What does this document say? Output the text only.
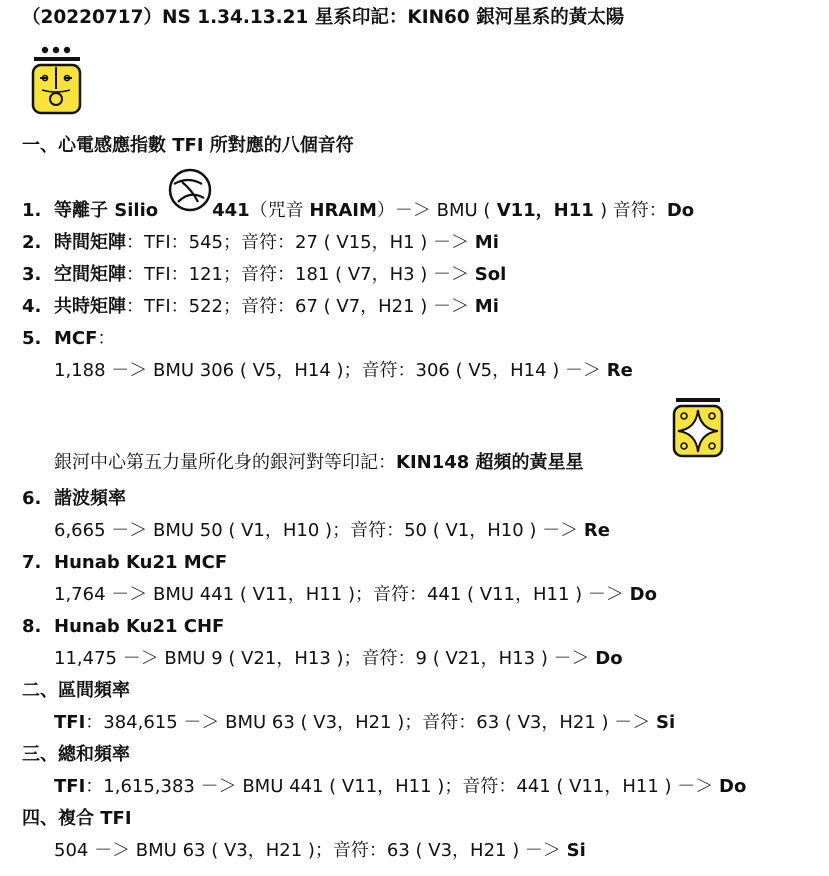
（20220717）NS 1.34.13.21 星系印記：KIN60 銀河星系的黃太陽
一、心電感應指數 TFI 所對應的八個音符
1. 等離子 Silio	441（咒音 HRAIM）－＞ BMU ( V11，H11 ) 音符：Do
2. 時間矩陣：TFI：545；音符：27 ( V15，H1 ) －＞ Mi
3. 空間矩陣：TFI：121；音符：181 ( V7，H3 ) －＞ Sol
4. 共時矩陣：TFI：522；音符：67 ( V7，H21 ) －＞ Mi
5. MCF：
1,188 －＞ BMU 306 ( V5，H14 )；音符：306 ( V5，H14 ) －＞ Re
銀河中心第五力量所化身的銀河對等印記：KIN148 超頻的黃星星
6. 諧波頻率
6,665 －＞ BMU 50 ( V1，H10 )；音符：50 ( V1，H10 ) －＞ Re
7. Hunab Ku21 MCF
1,764 －＞ BMU 441 ( V11，H11 )；音符：441 ( V11，H11 ) －＞ Do
8. Hunab Ku21 CHF
11,475 －＞ BMU 9 ( V21，H13 )；音符：9 ( V21，H13 ) －＞ Do
二、區間頻率
TFI：384,615 －＞ BMU 63 ( V3，H21 )；音符：63 ( V3，H21 ) －＞ Si
三、總和頻率
TFI：1,615,383 －＞ BMU 441 ( V11，H11 )；音符：441 ( V11，H11 ) －＞ Do
四、複合 TFI
504 －＞ BMU 63 ( V3，H21 )；音符：63 ( V3，H21 ) －＞ Si
